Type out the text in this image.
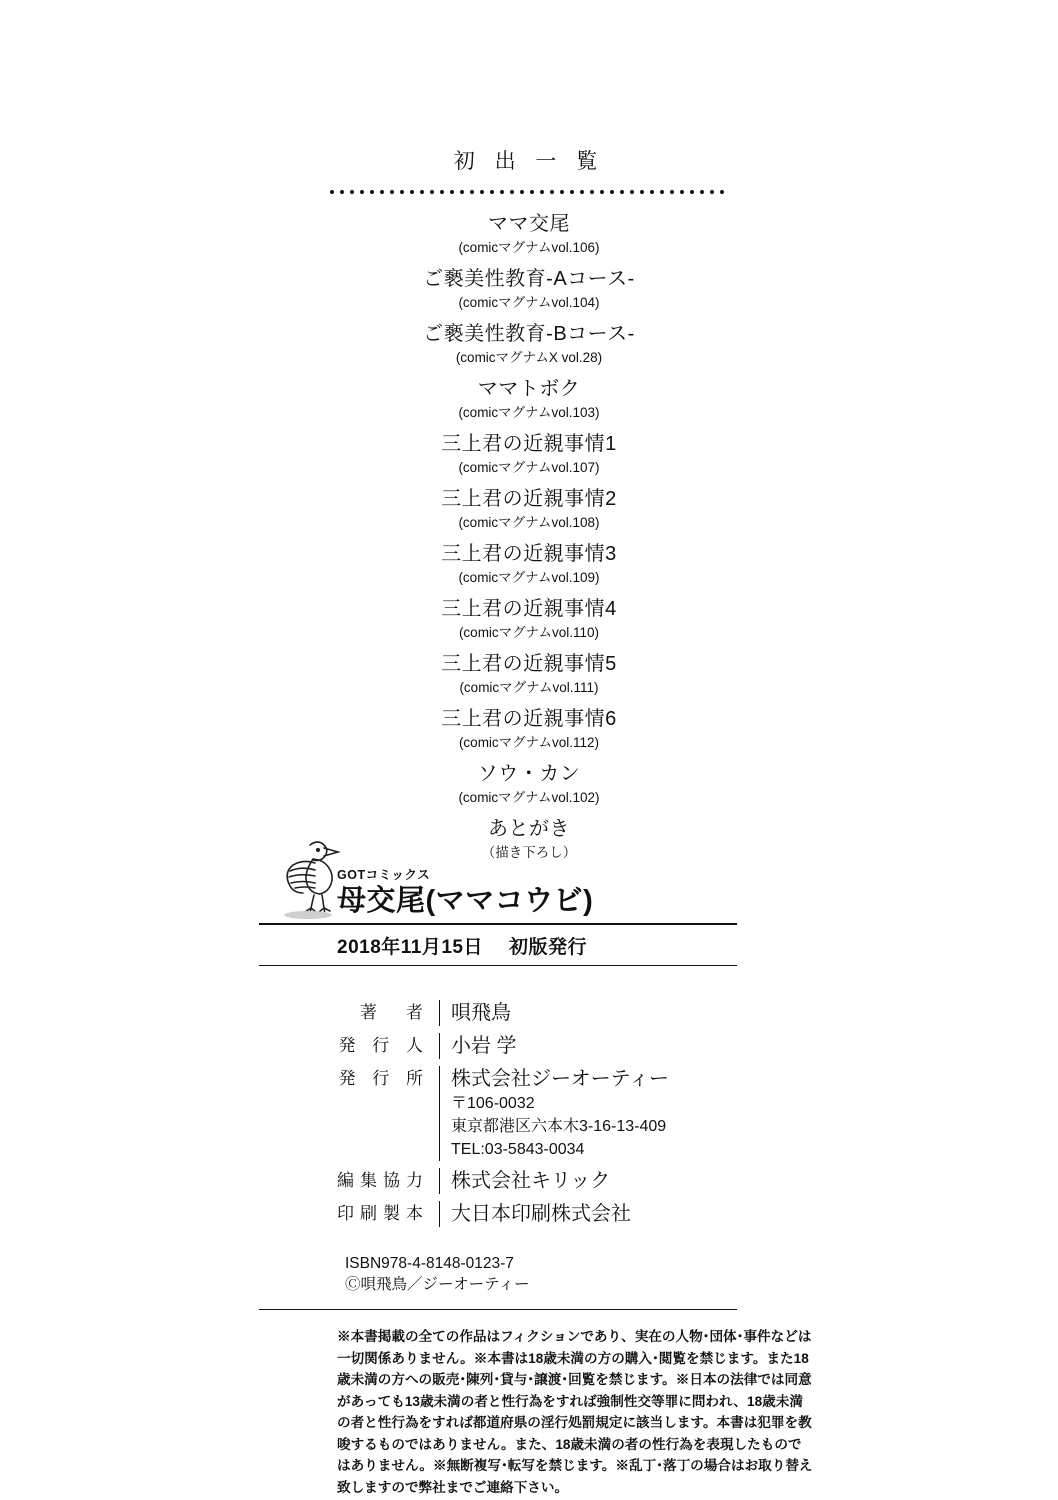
初 出 一 覧
ママ交尾
(comicマグナムvol.106)
ご褻美性教育-Aコース-
(comicマグナムvol.104)
ご褻美性教育-Bコース-
(comicマグナムX vol.28)
ママトボク
(comicマグナムvol.103)
三上君の近親事情1
(comicマグナムvol.107)
三上君の近親事情2
(comicマグナムvol.108)
三上君の近親事情3
(comicマグナムvol.109)
三上君の近親事情4
(comicマグナムvol.110)
三上君の近親事情5
(comicマグナムvol.111)
三上君の近親事情6
(comicマグナムvol.112)
ソウ・カン
(comicマグナムvol.102)
あとがき
（描き下ろし）
GOTコミックス
母交尾(ママコウビ)
2018年11月15日 初版発行
著　者	唄飛鳥

発 行 人	小岩 学

発 行 所	株式会社ジーオーティー
〒106-0032
東京都港区六本木3-16-13-409
TEL:03-5843-0034

編集協力	株式会社キリック

印刷製本	大日本印刷株式会社
ISBN978-4-8148-0123-7
Ⓒ唄飛鳥／ジーオーティー
※本書掲載の全ての作品はフィクションであり、実在の人物･団体･事件などは一切関係ありません。※本書は18歳未満の方の購入･閲覧を禁じます。また18歳未満の方への販売･陳列･貸与･譲渡･回覧を禁じます。※日本の法律では同意があっても13歳未満の者と性行為をすれば強制性交等罪に問われ、18歳未満の者と性行為をすれば都道府県の淫行処罰規定に該当します。本書は犯罪を教唆するものではありません。また、18歳未満の者の性行為を表現したものではありません。※無断複写･転写を禁じます。※乱丁･落丁の場合はお取り替え致しますので弊社までご連絡下さい。
